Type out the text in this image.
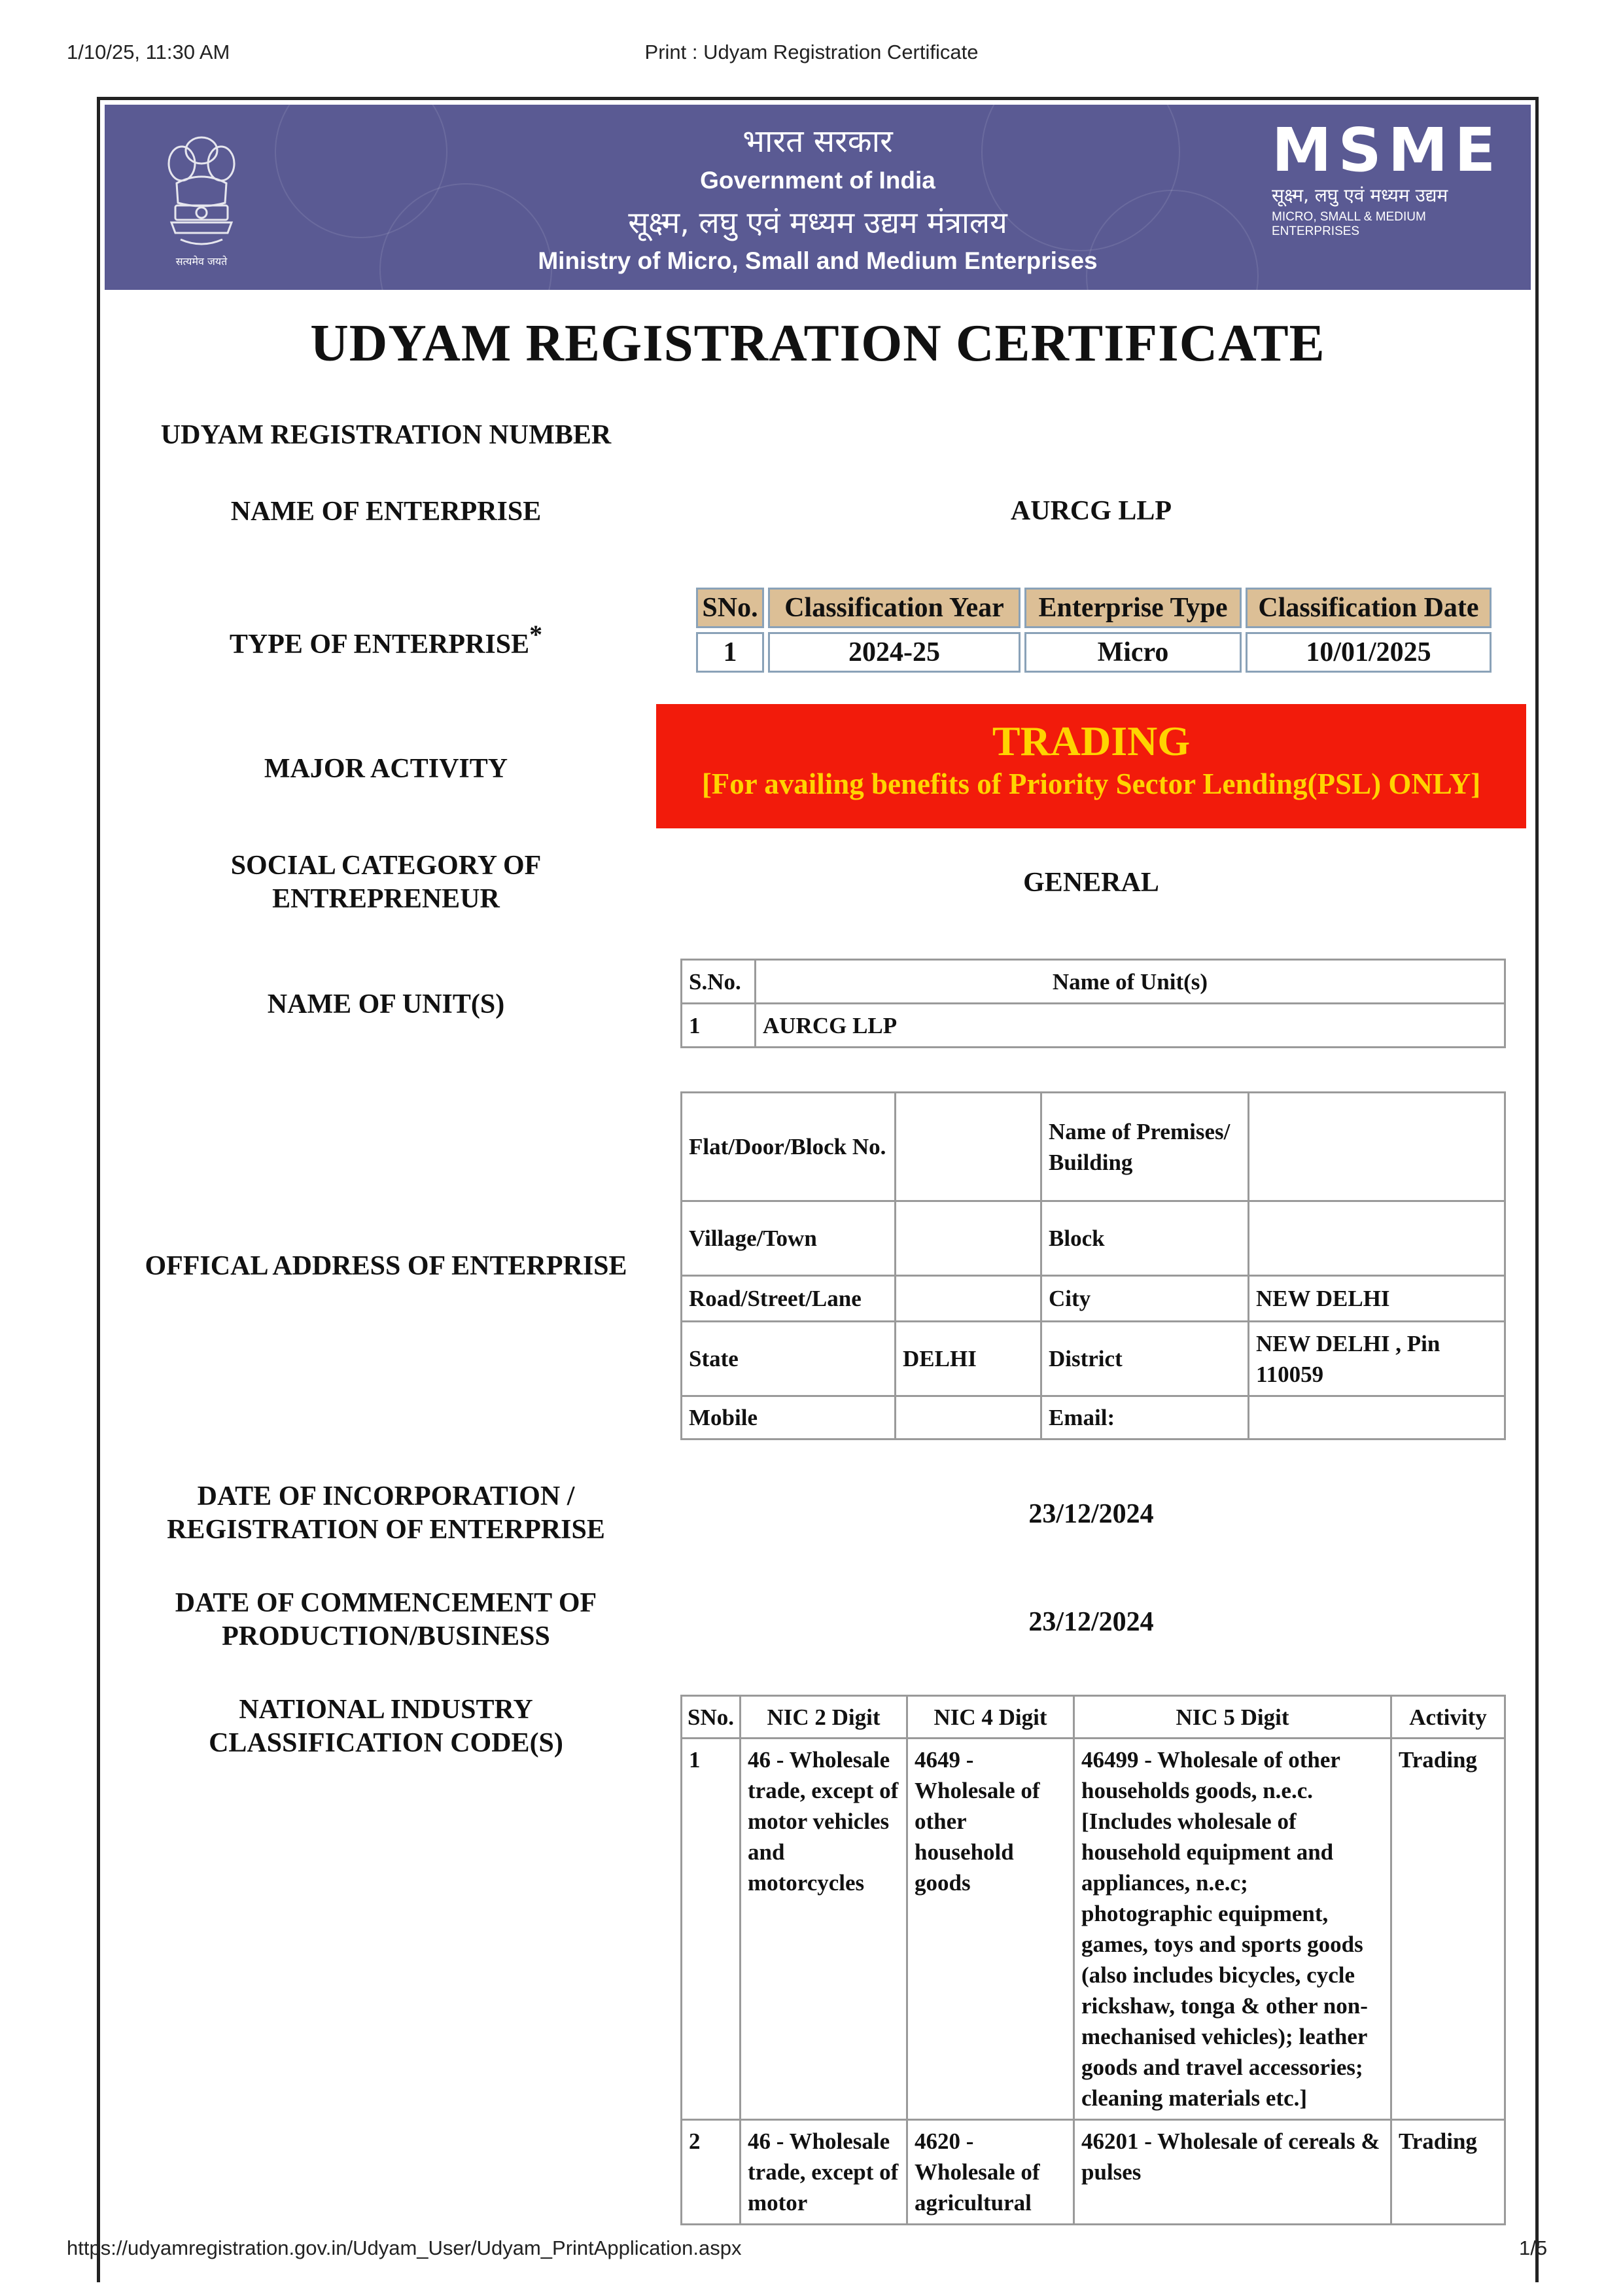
1/10/25, 11:30 AM	Print : Udyam Registration Certificate
सत्यमेव जयते
भारत सरकार
Government of India
सूक्ष्म, लघु एवं मध्यम उद्यम मंत्रालय
Ministry of Micro, Small and Medium Enterprises
MSME
सूक्ष्म, लघु एवं मध्यम उद्यम
MICRO, SMALL & MEDIUM ENTERPRISES
UDYAM REGISTRATION CERTIFICATE
UDYAM REGISTRATION NUMBER
NAME OF ENTERPRISE	AURCG LLP
TYPE OF ENTERPRISE*
SNo.	Classification Year	Enterprise Type	Classification Date
1	2024-25	Micro	10/01/2025
MAJOR ACTIVITY
TRADING
[For availing benefits of Priority Sector Lending(PSL) ONLY]
SOCIAL CATEGORY OF
ENTREPRENEUR
GENERAL
NAME OF UNIT(S)
S.No.	Name of Unit(s)
1	AURCG LLP
OFFICAL ADDRESS OF ENTERPRISE
Flat/Door/Block No.		Name of Premises/ Building	
Village/Town		Block	
Road/Street/Lane		City	NEW DELHI
State	DELHI	District	NEW DELHI , Pin 110059
Mobile		Email:	
DATE OF INCORPORATION /
REGISTRATION OF ENTERPRISE
23/12/2024
DATE OF COMMENCEMENT OF
PRODUCTION/BUSINESS	23/12/2024
NATIONAL INDUSTRY
CLASSIFICATION CODE(S)
SNo.	NIC 2 Digit	NIC 4 Digit	NIC 5 Digit	Activity
1	46 - Wholesale trade, except of motor vehicles and motorcycles	4649 - Wholesale of other household goods	46499 - Wholesale of other households goods, n.e.c. [Includes wholesale of household equipment and appliances, n.e.c; photographic equipment, games, toys and sports goods (also includes bicycles, cycle rickshaw, tonga & other non-mechanised vehicles); leather goods and travel accessories; cleaning materials etc.]	Trading
2	46 - Wholesale trade, except of motor	4620 - Wholesale of agricultural	46201 - Wholesale of cereals & pulses	Trading
https://udyamregistration.gov.in/Udyam_User/Udyam_PrintApplication.aspx	1/5
